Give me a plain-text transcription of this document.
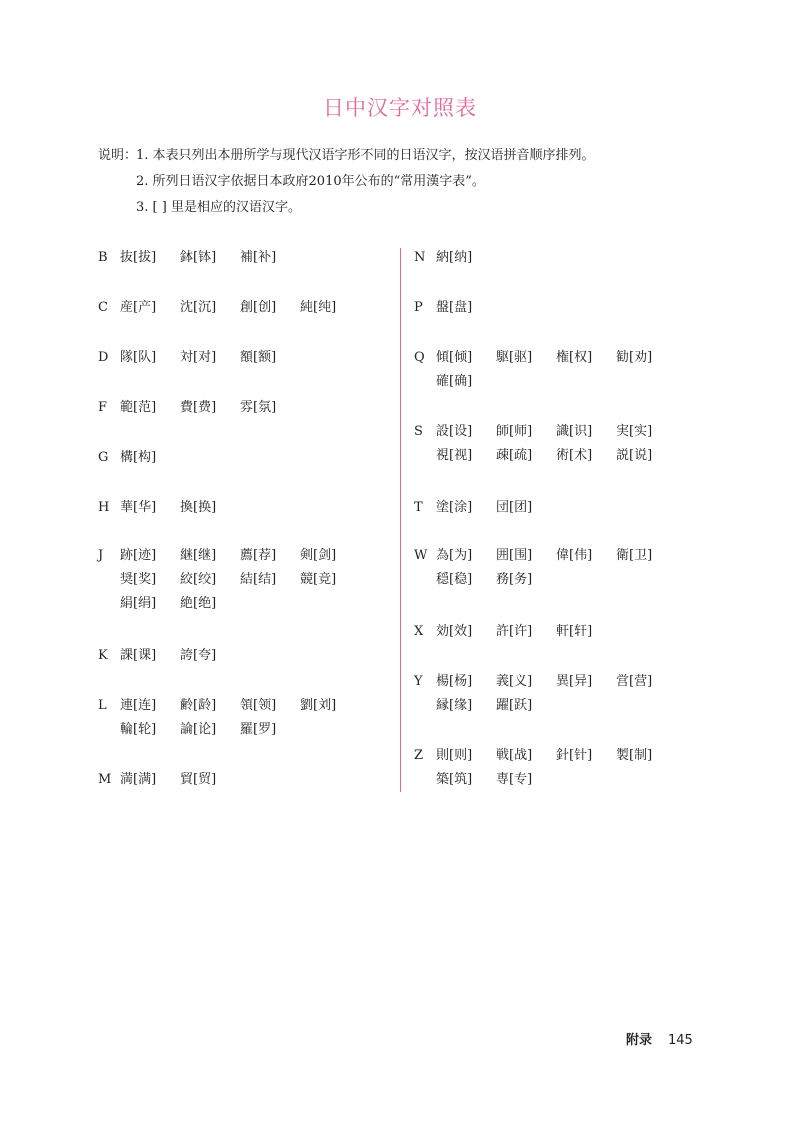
日中汉字对照表
说明：1. 本表只列出本册所学与现代汉语字形不同的日语汉字，按汉语拼音顺序排列。
2. 所列日语汉字依据日本政府2010年公布的“常用漢字表”。
3. [ ] 里是相应的汉语汉字。
B 抜[拔] 鉢[钵] 補[补]
C 産[产] 沈[沉] 創[创] 純[纯]
D 隊[队] 対[对] 額[额]
F 範[范] 費[费] 雰[氛]
G 構[构]
H 華[华] 換[换]
J	跡[迹] 継[继] 薦[荐] 剣[剑]
奨[奖] 絞[绞] 結[结] 競[竞]
絹[绢] 絶[绝]
K 課[课] 誇[夸]
L	連[连] 齢[龄] 領[领] 劉[刘]
輪[轮] 論[论] 羅[罗]
M 満[满] 貿[贸]
N 納[纳]
P	盤[盘]
Q 傾[倾] 駆[驱] 権[权] 勧[劝]
確[确]
S	設[设] 師[师] 識[识] 実[实]
視[视] 疎[疏] 術[术] 説[说]
T	塗[涂] 団[团]
W 為[为] 囲[围] 偉[伟] 衛[卫]
穏[稳] 務[务]
X 効[效] 許[许] 軒[轩]
Y	楊[杨] 義[义] 異[异] 営[营]
縁[缘] 躍[跃]
Z 則[则] 戦[战] 針[针] 製[制]
築[筑] 専[专]
附录 145
